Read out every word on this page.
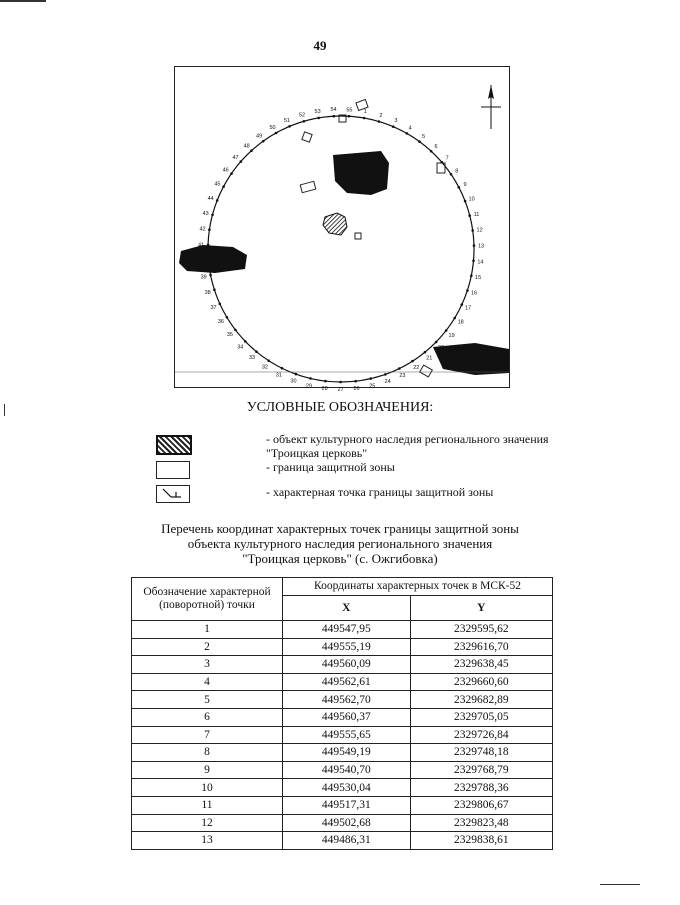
49
1
2
3
4
5
6
7
8
9
10
11
12
13
14
15
16
17
18
19
20
21
22
23
24
25
26
27
28
29
30
31
32
33
34
35
36
37
38
39
40
41
42
43
44
45
46
47
48
49
50
51
52
53 54 55
УСЛОВНЫЕ ОБОЗНАЧЕНИЯ:
- объект культурного наследия регионального значения "Троицкая церковь"
- граница защитной зоны
- характерная точка границы защитной зоны
Перечень координат характерных точек границы защитной зоны
объекта культурного наследия регионального значения
"Троицкая церковь" (с. Ожгибовка)
Обозначение характерной (поворотной) точки	Координаты характерных точек в МСК-52	
	X	Y
1	449547,95	2329595,62
2	449555,19	2329616,70
3	449560,09	2329638,45
4	449562,61	2329660,60
5	449562,70	2329682,89
6	449560,37	2329705,05
7	449555,65	2329726,84
8	449549,19	2329748,18
9	449540,70	2329768,79
10	449530,04	2329788,36
11	449517,31	2329806,67
12	449502,68	2329823,48
13	449486,31	2329838,61
